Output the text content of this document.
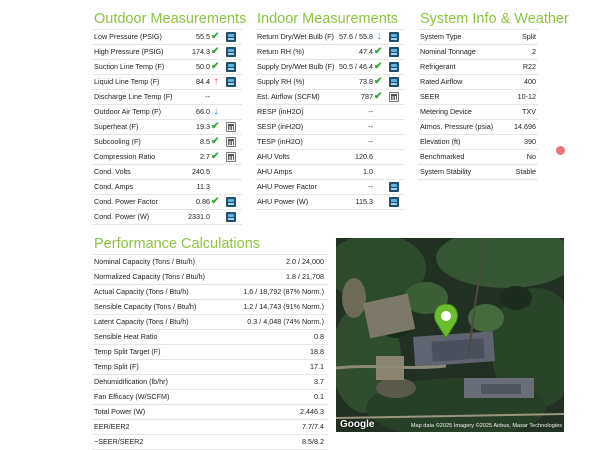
Outdoor Measurements
Low Pressure (PSIG)	55.5 ✔
High Pressure (PSIG)	174.3 ✔
Suction Line Temp (F)	50.0 ✔
Liquid Line Temp (F)	84.4 ↑
Discharge Line Temp (F)	--
Outdoor Air Temp (F)	66.0 ↓
Superheat (F)	19.3 ✔
Subcooling (F)	8.5 ✔
Compression Ratio	2.7 ✔
Cond. Volts	240.5
Cond. Amps	11.3
Cond. Power Factor	0.86 ✔
Cond. Power (W)	2331.0
Indoor Measurements
Return Dry/Wet Bulb (F) 57.6 / 55.8 ↓
Return RH (%)	47.4 ✔
Supply Dry/Wet Bulb (F) 50.5 / 46.4 ✔
Supply RH (%)	73.8 ✔
Est. Airflow (SCFM)	787 ✔
RESP (inH2O)	--
SESP (inH2O)	--
TESP (inH2O)	--
AHU Volts	120.6
AHU Amps	1.0
AHU Power Factor	--
AHU Power (W)	115.3
System Info & Weather
System Type	Split
Nominal Tonnage	2
Refrigerant	R22
Rated Airflow	400
SEER	10-12
Metering Device	TXV
Atmos. Pressure (psia)	14.696
Elevation (ft)	390
Benchmarked	No
System Stability	Stable
Performance Calculations
Nominal Capacity (Tons / Btu/h)	2.0 / 24,000
Normalized Capacity (Tons / Btu/h)	1.8 / 21,708
Actual Capacity (Tons / Btu/h)	1.6 / 18,792 (87% Norm.)
Sensible Capacity (Tons / Btu/h)	1.2 / 14,743 (91% Norm.)
Latent Capacity (Tons / Btu/h)	0.3 / 4,048 (74% Norm.)
Sensible Heat Ratio	0.8
Temp Split Target (F)	18.8
Temp Split (F)	17.1
Dehumidification (lb/hr)	3.7
Fan Efficacy (W/SCFM)	0.1
Total Power (W)	2,446.3
EER/EER2	7.7/7.4
~SEER/SEER2	8.5/8.2
Google	Map data ©2025 Imagery ©2025 Airbus, Maxar Technologies
